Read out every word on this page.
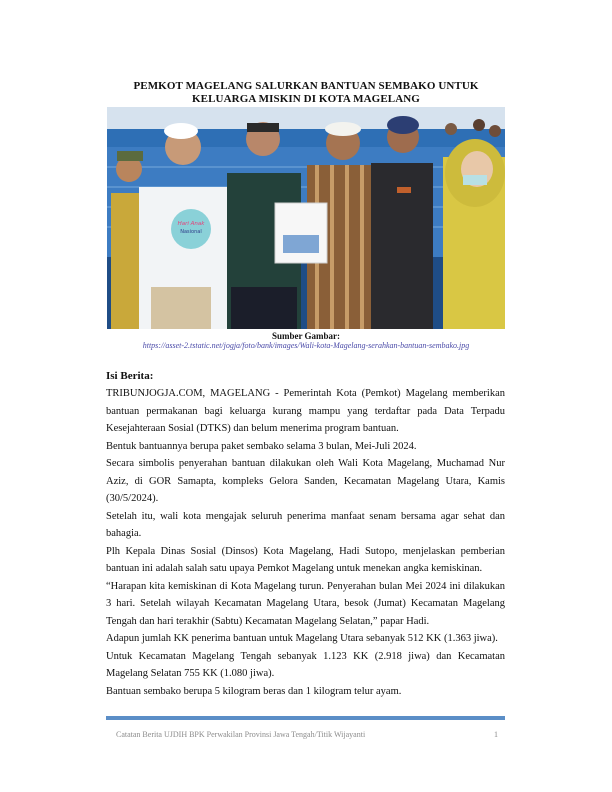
PEMKOT MAGELANG SALURKAN BANTUAN SEMBAKO UNTUK
KELUARGA MISKIN DI KOTA MAGELANG
Hari Anak
Nasional
Sumber Gambar:
https://asset-2.tstatic.net/jogja/foto/bank/images/Wali-kota-Magelang-serahkan-bantuan-sembako.jpg
Isi Berita:

TRIBUNJOGJA.COM, MAGELANG - Pemerintah Kota (Pemkot) Magelang memberikan bantuan permakanan bagi keluarga kurang mampu yang terdaftar pada Data Terpadu Kesejahteraan Sosial (DTKS) dan belum menerima program bantuan.

Bentuk bantuannya berupa paket sembako selama 3 bulan, Mei-Juli 2024.

Secara simbolis penyerahan bantuan dilakukan oleh Wali Kota Magelang, Muchamad Nur Aziz, di GOR Samapta, kompleks Gelora Sanden, Kecamatan Magelang Utara, Kamis (30/5/2024).

Setelah itu, wali kota mengajak seluruh penerima manfaat senam bersama agar sehat dan bahagia.

Plh Kepala Dinas Sosial (Dinsos) Kota Magelang, Hadi Sutopo, menjelaskan pemberian bantuan ini adalah salah satu upaya Pemkot Magelang untuk menekan angka kemiskinan.

“Harapan kita kemiskinan di Kota Magelang turun. Penyerahan bulan Mei 2024 ini dilakukan 3 hari. Setelah wilayah Kecamatan Magelang Utara, besok (Jumat) Kecamatan Magelang Tengah dan hari terakhir (Sabtu) Kecamatan Magelang Selatan,” papar Hadi.

Adapun jumlah KK penerima bantuan untuk Magelang Utara sebanyak 512 KK (1.363 jiwa).

Untuk Kecamatan Magelang Tengah sebanyak 1.123 KK (2.918 jiwa) dan Kecamatan Magelang Selatan 755 KK (1.080 jiwa).

Bantuan sembako berupa 5 kilogram beras dan 1 kilogram telur ayam.

Catatan Berita UJDIH BPK Perwakilan Provinsi Jawa Tengah/Titik Wijayanti	1
